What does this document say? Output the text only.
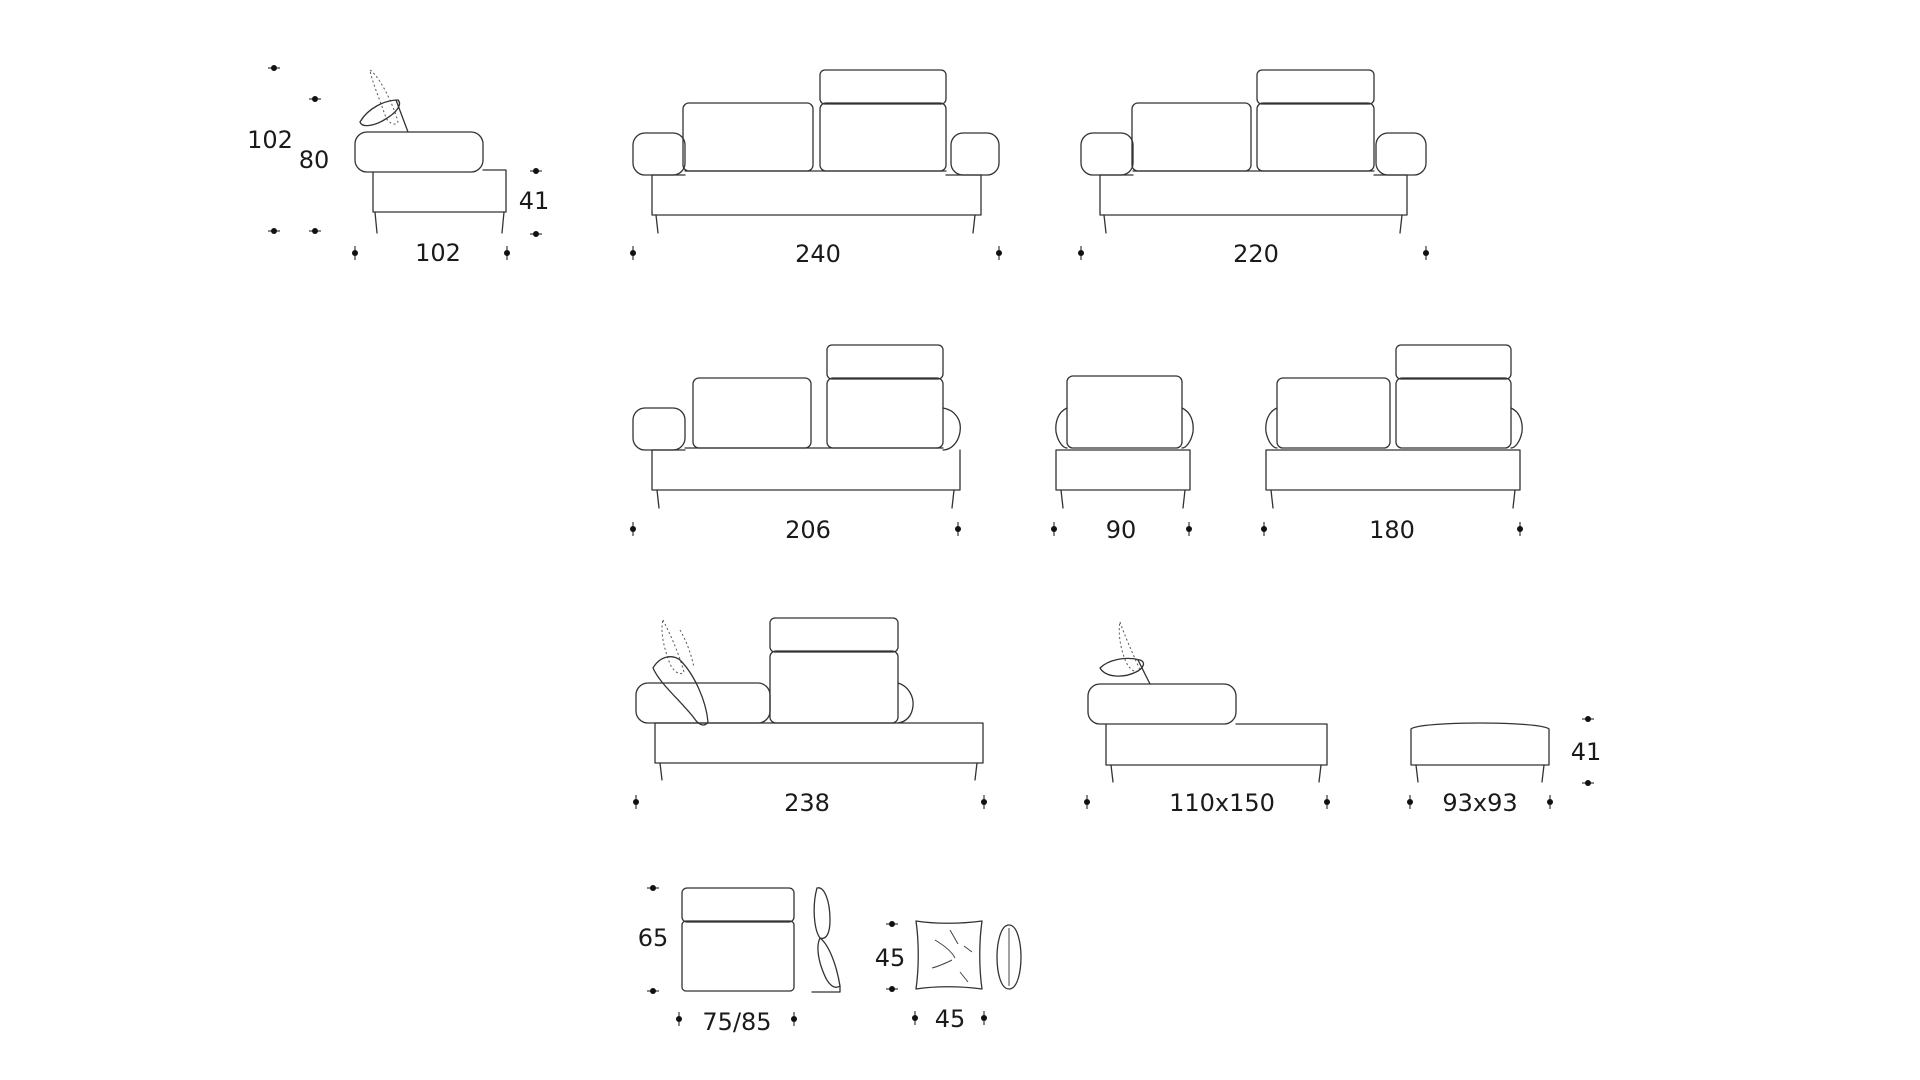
102
80
41
102	240	220
206	90	180
238	110x150
41
93x93
65
75/85
45
45
